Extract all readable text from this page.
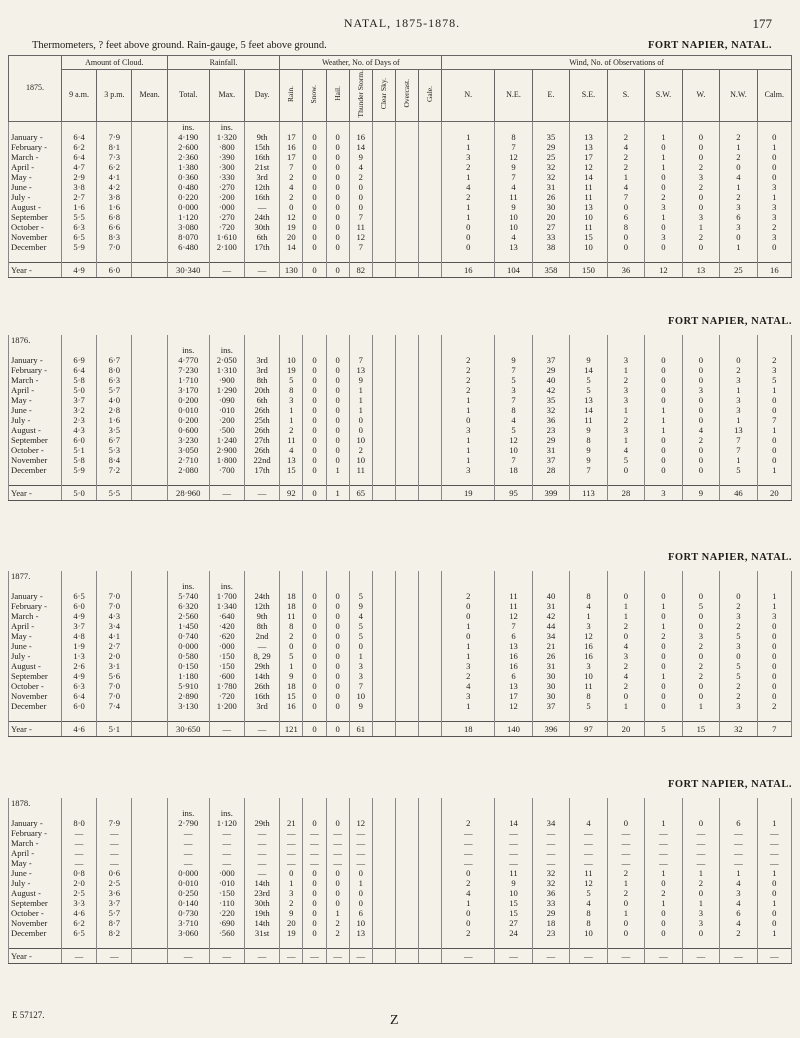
NATAL, 1875-1878.	177
Thermometers, ? feet above ground. Rain-gauge, 5 feet above ground.	FORT NAPIER, NATAL.
1875.	Amount of Cloud.			Rainfall.			Weather, No. of Days of							Wind, No. of Observations of								
	9 a.m.	3 p.m.	Mean.	Total.	Max.	Day.	Rain.	Snow.	Hail.	Thunder Storm.	Clear Sky.	Overcast.	Gale.	N.	N.E.	E.	S.E.	S.	S.W.	W.	N.W.	Calm.
				ins.	ins.																	
January -	6·4	7·9		4·190	1·320	9th	17	0	0	16				1	8	35	13	2	1	0	2	0
February -	6·2	8·1		2·600	·800	15th	16	0	0	14				1	7	29	13	4	0	0	1	1
March -	6·4	7·3		2·360	·390	16th	17	0	0	9				3	12	25	17	2	1	0	2	0
April -	4·7	6·2		1·380	·300	21st	7	0	0	4				2	9	32	12	2	1	2	0	0
May -	2·9	4·1		0·360	·330	3rd	2	0	0	2				1	7	32	14	1	0	3	4	0
June -	3·8	4·2		0·480	·270	12th	4	0	0	0				4	4	31	11	4	0	2	1	3
July -	2·7	3·8		0·220	·200	16th	2	0	0	0				2	11	26	11	7	2	0	2	1
August -	1·6	1·6		0·000	·000	—	0	0	0	0				1	9	30	13	0	3	0	3	3
September	5·5	6·8		1·120	·270	24th	12	0	0	7				1	10	20	10	6	1	3	6	3
October -	6·3	6·6		3·080	·720	30th	19	0	0	11				0	10	27	11	8	0	1	3	2
November	6·5	8·3		8·070	1·610	6th	20	0	0	12				0	4	33	15	0	3	2	0	3
December	5·9	7·0		6·480	2·100	17th	14	0	0	7				0	13	38	10	0	0	0	1	0

Year -	4·9	6·0		30·340	—	—	130	0	0	82				16	104	358	150	36	12	13	25	16
FORT NAPIER, NATAL.
1876.																						
				ins.	ins.																	
January -	6·9	6·7		4·770	2·050	3rd	10	0	0	7				2	9	37	9	3	0	0	0	2
February -	6·4	8·0		7·230	1·310	3rd	19	0	0	13				2	7	29	14	1	0	0	2	3
March -	5·8	6·3		1·710	·900	8th	5	0	0	9				2	5	40	5	2	0	0	3	5
April -	5·0	5·7		3·170	1·290	20th	8	0	0	1				2	3	42	5	3	0	3	1	1
May -	3·7	4·0		0·200	·090	6th	3	0	0	1				1	7	35	13	3	0	0	3	0
June -	3·2	2·8		0·010	·010	26th	1	0	0	1				1	8	32	14	1	1	0	3	0
July -	2·3	1·6		0·200	·200	25th	1	0	0	0				0	4	36	11	2	1	0	1	7
August -	4·3	3·5		0·600	·500	26th	2	0	0	0				3	5	23	9	3	1	4	13	1
September	6·0	6·7		3·230	1·240	27th	11	0	0	10				1	12	29	8	1	0	2	7	0
October -	5·1	5·3		3·050	2·900	26th	4	0	0	2				1	10	31	9	4	0	0	7	0
November	5·8	8·4		2·710	1·800	22nd	13	0	0	10				1	7	37	9	5	0	0	1	0
December	5·9	7·2		2·080	·700	17th	15	0	1	11				3	18	28	7	0	0	0	5	1

Year -	5·0	5·5		28·960	—	—	92	0	1	65				19	95	399	113	28	3	9	46	20
FORT NAPIER, NATAL.
1877.																						
				ins.	ins.																	
January -	6·5	7·0		5·740	1·700	24th	18	0	0	5				2	11	40	8	0	0	0	0	1
February -	6·0	7·0		6·320	1·340	12th	18	0	0	9				0	11	31	4	1	1	5	2	1
March -	4·9	4·3		2·560	·640	9th	11	0	0	4				0	12	42	1	1	0	0	3	3
April -	3·7	3·4		1·450	·420	8th	8	0	0	5				1	7	44	3	2	1	0	2	0
May -	4·8	4·1		0·740	·620	2nd	2	0	0	5				0	6	34	12	0	2	3	5	0
June -	1·9	2·7		0·000	·000	—	0	0	0	0				1	13	21	16	4	0	2	3	0
July -	1·3	2·0		0·580	·150	8, 29	5	0	0	1				1	16	26	16	3	0	0	0	0
August -	2·6	3·1		0·150	·150	29th	1	0	0	3				3	16	31	3	2	0	2	5	0
September	4·9	5·6		1·180	·600	14th	9	0	0	3				2	6	30	10	4	1	2	5	0
October -	6·3	7·0		5·910	1·780	26th	18	0	0	7				4	13	30	11	2	0	0	2	0
November	6·4	7·0		2·890	·720	16th	15	0	0	10				3	17	30	8	0	0	0	2	0
December	6·0	7·4		3·130	1·200	3rd	16	0	0	9				1	12	37	5	1	0	1	3	2

Year -	4·6	5·1		30·650	—	—	121	0	0	61				18	140	396	97	20	5	15	32	7
FORT NAPIER, NATAL.
1878.																						
				ins.	ins.																	
January -	8·0	7·9		2·790	1·120	29th	21	0	0	12				2	14	34	4	0	1	0	6	1
February -	—	—		—	—	—	—	—	—	—				—	—	—	—	—	—	—	—	—
March -	—	—		—	—	—	—	—	—	—				—	—	—	—	—	—	—	—	—
April -	—	—		—	—	—	—	—	—	—				—	—	—	—	—	—	—	—	—
May -	—	—		—	—	—	—	—	—	—				—	—	—	—	—	—	—	—	—
June -	0·8	0·6		0·000	·000	—	0	0	0	0				0	11	32	11	2	1	1	1	1
July -	2·0	2·5		0·010	·010	14th	1	0	0	1				2	9	32	12	1	0	2	4	0
August -	2·5	3·6		0·250	·150	23rd	3	0	0	0				4	10	36	5	2	2	0	3	0
September	3·3	3·7		0·140	·110	30th	2	0	0	0				1	15	33	4	0	1	1	4	1
October -	4·6	5·7		0·730	·220	19th	9	0	1	6				0	15	29	8	1	0	3	6	0
November	6·2	8·7		3·710	·690	14th	20	0	2	10				0	27	18	8	0	0	3	4	0
December	6·5	8·2		3·060	·560	31st	19	0	2	13				2	24	23	10	0	0	0	2	1

Year -	—	—		—	—	—	—	—	—	—				—	—	—	—	—	—	—	—	—
E 57127.	Z
